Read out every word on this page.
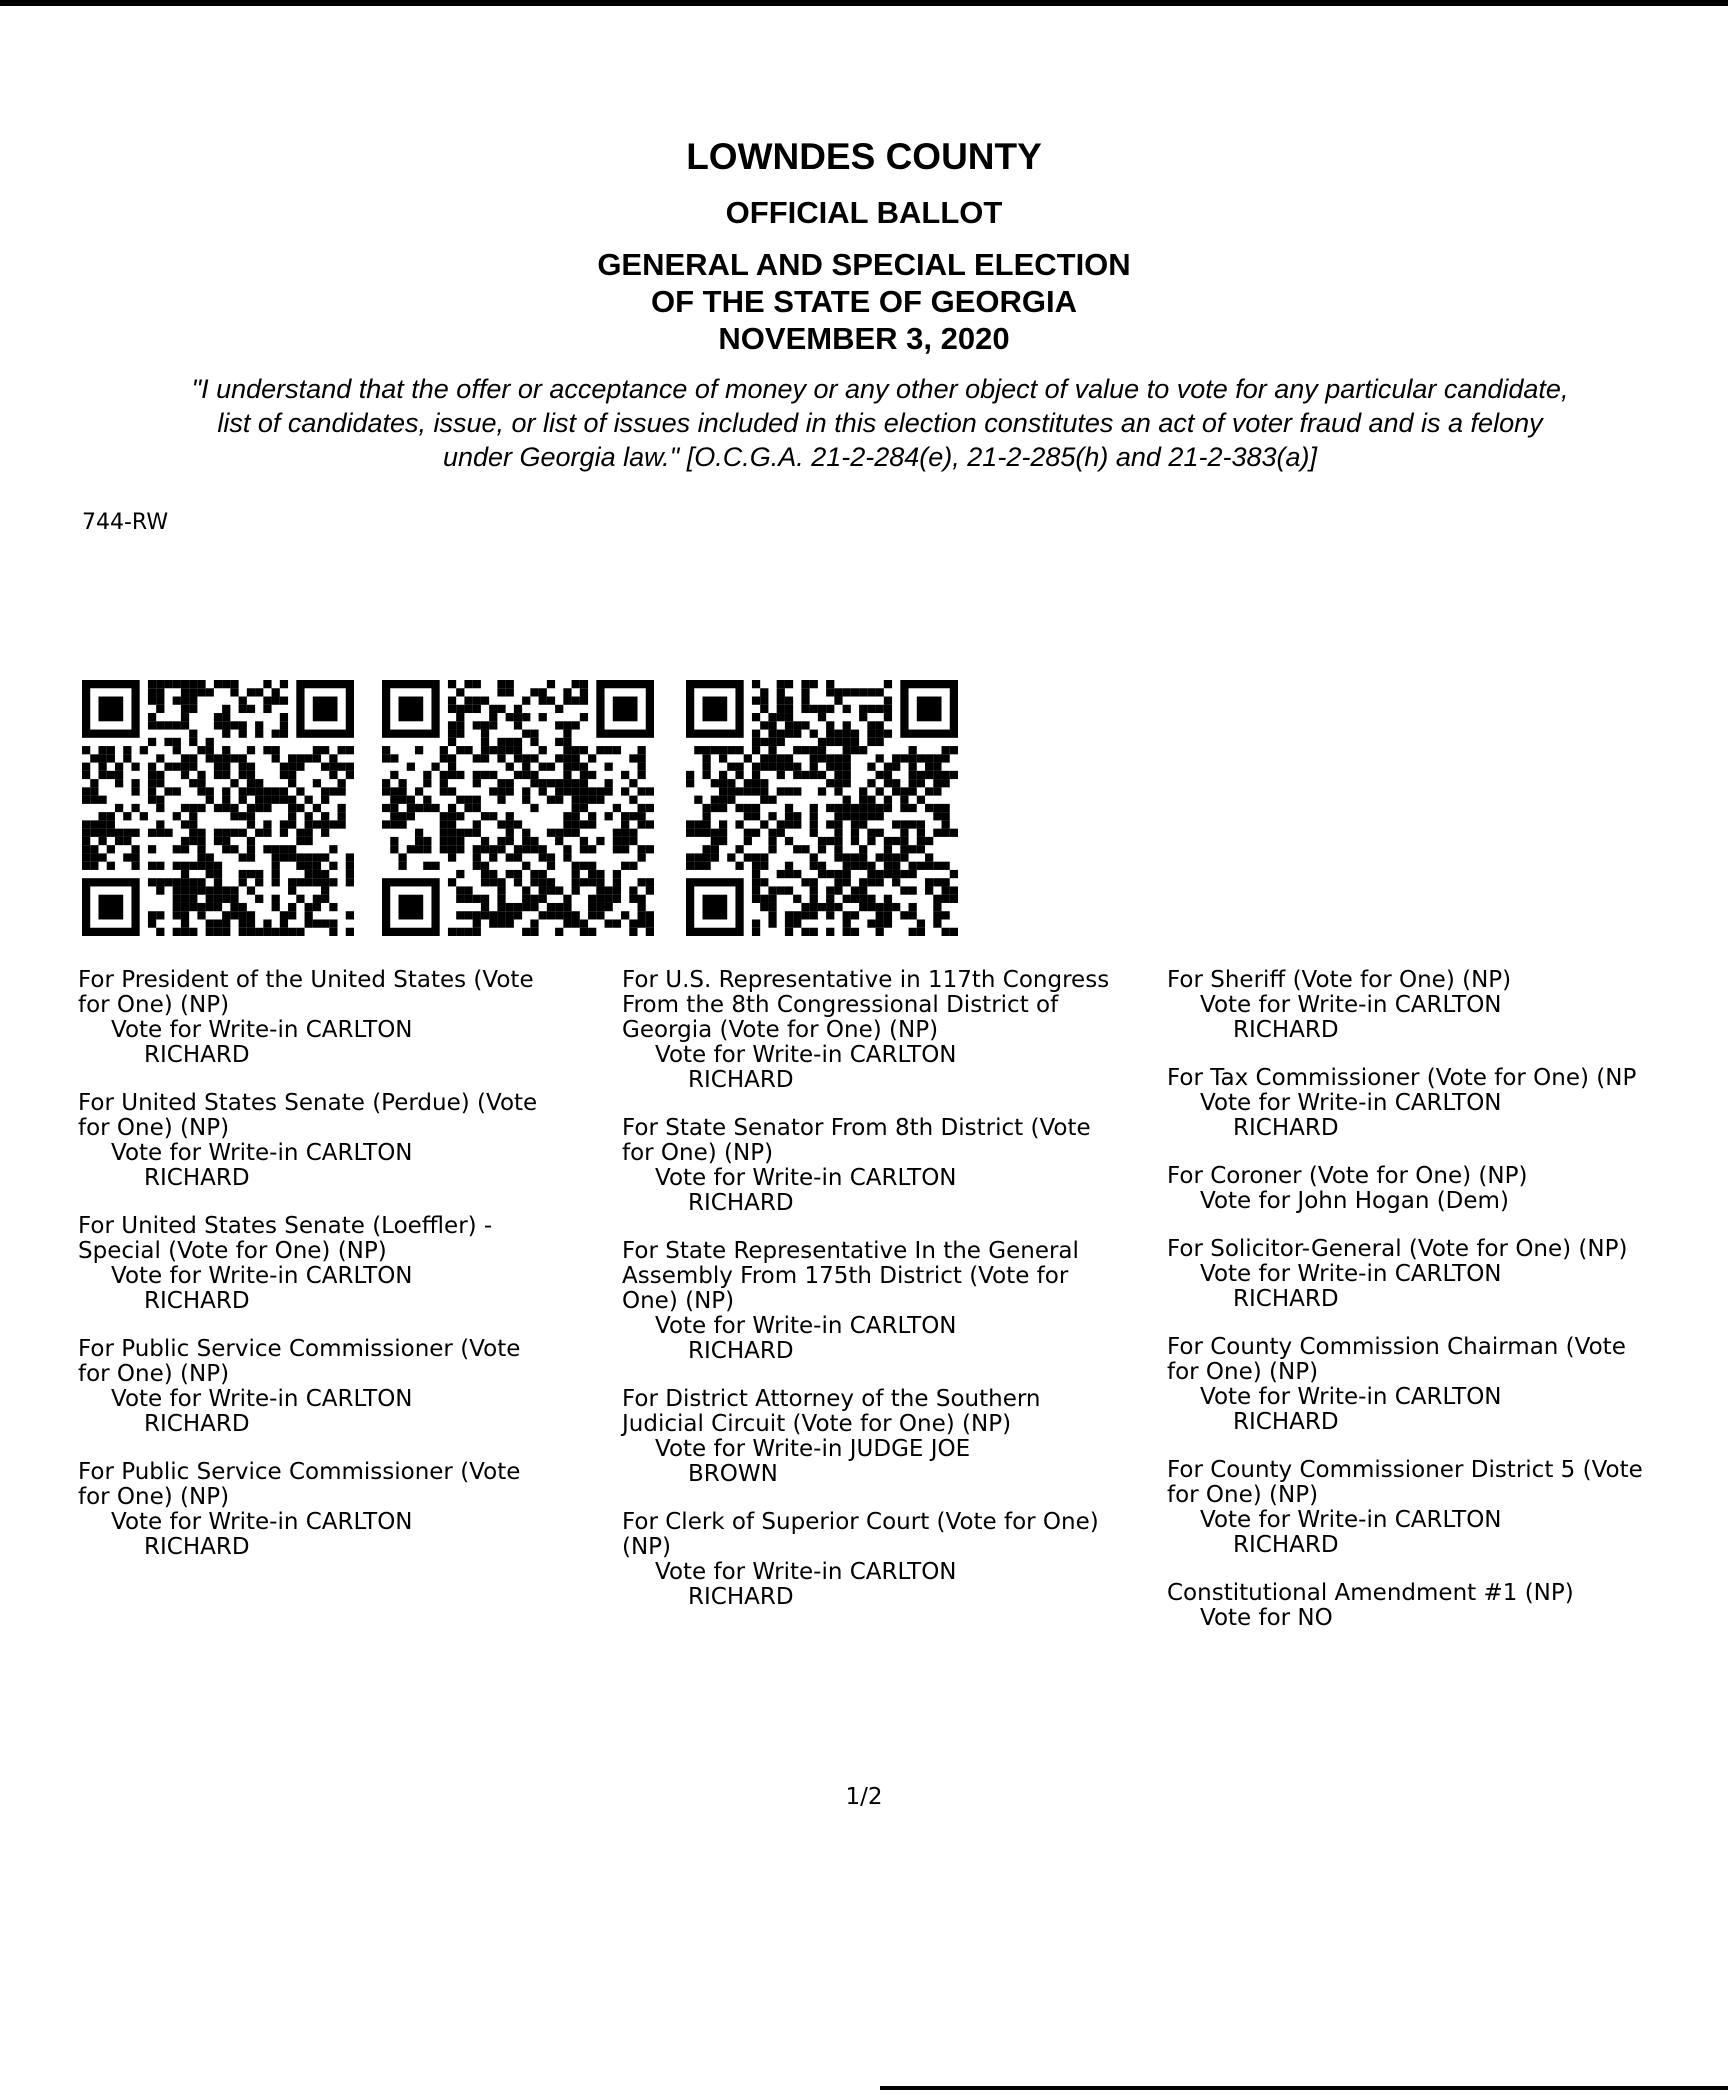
LOWNDES COUNTY
OFFICIAL BALLOT
GENERAL AND SPECIAL ELECTION
OF THE STATE OF GEORGIA
NOVEMBER 3, 2020
"I understand that the offer or acceptance of money or any other object of value to vote for any particular candidate,
list of candidates, issue, or list of issues included in this election constitutes an act of voter fraud and is a felony
under Georgia law." [O.C.G.A. 21-2-284(e), 21-2-285(h) and 21-2-383(a)]
744-RW
For President of the United States (Vote
for One) (NP)
Vote for Write-in CARLTON
RICHARD
For United States Senate (Perdue) (Vote
for One) (NP)
Vote for Write-in CARLTON
RICHARD
For United States Senate (Loeffler) -
Special (Vote for One) (NP)
Vote for Write-in CARLTON
RICHARD
For Public Service Commissioner (Vote
for One) (NP)
Vote for Write-in CARLTON
RICHARD
For Public Service Commissioner (Vote
for One) (NP)
Vote for Write-in CARLTON
RICHARD
For U.S. Representative in 117th Congress
From the 8th Congressional District of
Georgia (Vote for One) (NP)
Vote for Write-in CARLTON
RICHARD
For State Senator From 8th District (Vote
for One) (NP)
Vote for Write-in CARLTON
RICHARD
For State Representative In the General
Assembly From 175th District (Vote for
One) (NP)
Vote for Write-in CARLTON
RICHARD
For District Attorney of the Southern
Judicial Circuit (Vote for One) (NP)
Vote for Write-in JUDGE JOE
BROWN
For Clerk of Superior Court (Vote for One)
(NP)
Vote for Write-in CARLTON
RICHARD
For Sheriff (Vote for One) (NP)
Vote for Write-in CARLTON
RICHARD
For Tax Commissioner (Vote for One) (NP
Vote for Write-in CARLTON
RICHARD
For Coroner (Vote for One) (NP)
Vote for John Hogan (Dem)
For Solicitor-General (Vote for One) (NP)
Vote for Write-in CARLTON
RICHARD
For County Commission Chairman (Vote
for One) (NP)
Vote for Write-in CARLTON
RICHARD
For County Commissioner District 5 (Vote
for One) (NP)
Vote for Write-in CARLTON
RICHARD
Constitutional Amendment #1 (NP)
Vote for NO
1/2
